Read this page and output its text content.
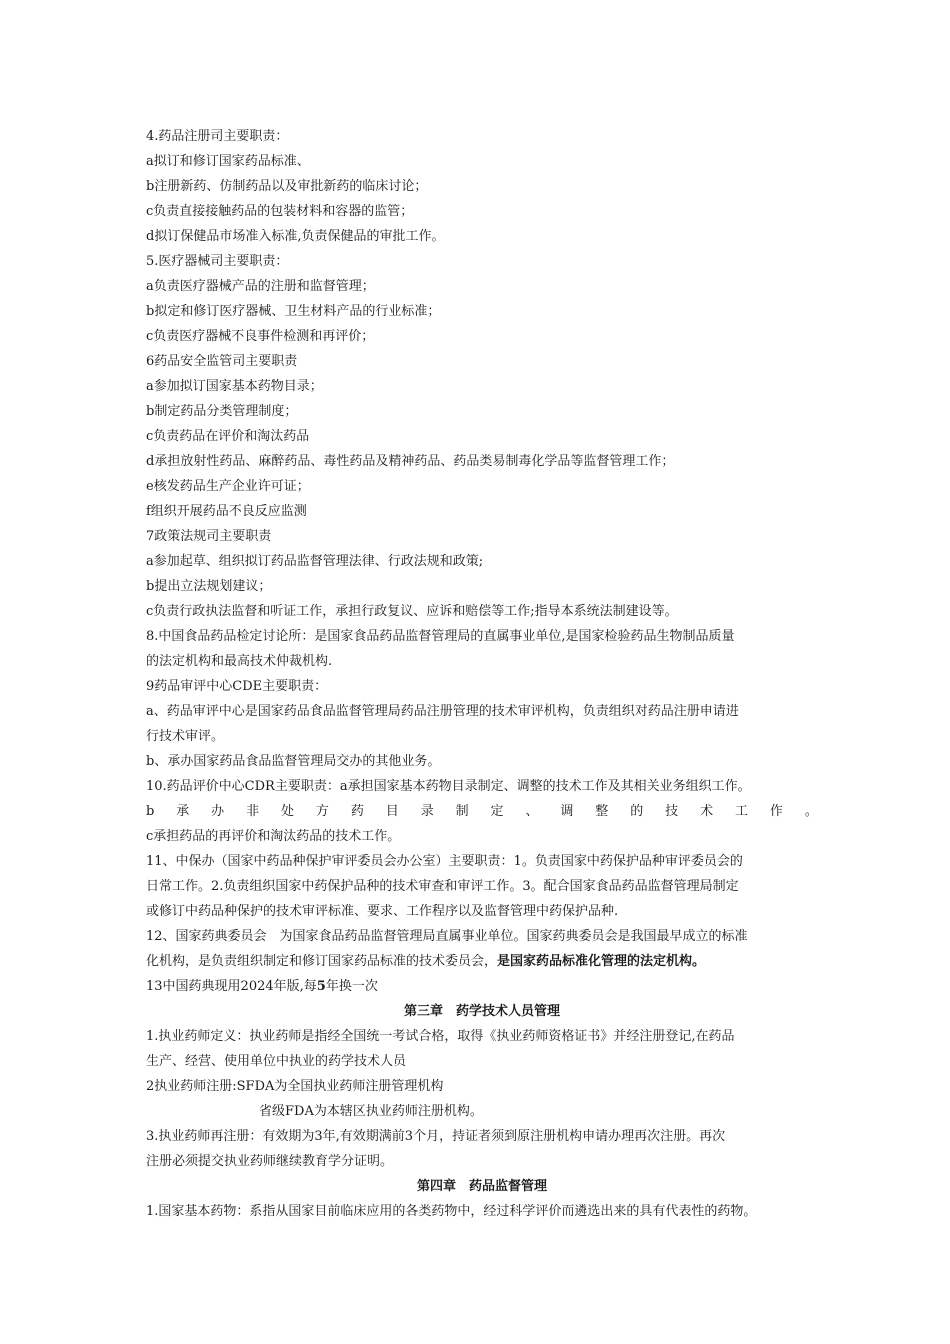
4.药品注册司主要职责：
a拟订和修订国家药品标准、
b注册新药、仿制药品以及审批新药的临床讨论；
c负责直接接触药品的包装材料和容器的监管；
d拟订保健品市场准入标准,负责保健品的审批工作。
5.医疗器械司主要职责：
a负责医疗器械产品的注册和监督管理；
b拟定和修订医疗器械、卫生材料产品的行业标准；
c负责医疗器械不良事件检测和再评价；
6药品安全监管司主要职责
a参加拟订国家基本药物目录；
b制定药品分类管理制度；
c负责药品在评价和淘汰药品
d承担放射性药品、麻醉药品、毒性药品及精神药品、药品类易制毒化学品等监督管理工作；
e核发药品生产企业许可证；
f组织开展药品不良反应监测
7政策法规司主要职责
a参加起草、组织拟订药品监督管理法律、行政法规和政策;
b提出立法规划建议；
c负责行政执法监督和听证工作，承担行政复议、应诉和赔偿等工作;指导本系统法制建设等。
8.中国食品药品检定讨论所：是国家食品药品监督管理局的直属事业单位,是国家检验药品生物制品质量
的法定机构和最高技术仲裁机构.
9药品审评中心CDE主要职责：
a、药品审评中心是国家药品食品监督管理局药品注册管理的技术审评机构，负责组织对药品注册申请进
行技术审评。
b、承办国家药品食品监督管理局交办的其他业务。
10.药品评价中心CDR主要职责：a承担国家基本药物目录制定、调整的技术工作及其相关业务组织工作。
b 承 办 非 处 方 药 目 录 制 定 、 调 整 的 技 术 工 作 。
c承担药品的再评价和淘汰药品的技术工作。
11、中保办（国家中药品种保护审评委员会办公室）主要职责：1。负责国家中药保护品种审评委员会的
日常工作。2.负责组织国家中药保护品种的技术审查和审评工作。3。配合国家食品药品监督管理局制定
或修订中药品种保护的技术审评标准、要求、工作程序以及监督管理中药保护品种.
12、国家药典委员会　为国家食品药品监督管理局直属事业单位。国家药典委员会是我国最早成立的标准
化机构，是负责组织制定和修订国家药品标准的技术委员会，是国家药品标准化管理的法定机构。
13中国药典现用2024年版,每5年换一次
第三章　药学技术人员管理
1.执业药师定义：执业药师是指经全国统一考试合格，取得《执业药师资格证书》并经注册登记,在药品
生产、经营、使用单位中执业的药学技术人员
2执业药师注册:SFDA为全国执业药师注册管理机构
省级FDA为本辖区执业药师注册机构。
3.执业药师再注册：有效期为3年,有效期满前3个月，持证者须到原注册机构申请办理再次注册。再次
注册必须提交执业药师继续教育学分证明。
第四章　药品监督管理
1.国家基本药物：系指从国家目前临床应用的各类药物中，经过科学评价而遴选出来的具有代表性的药物。
